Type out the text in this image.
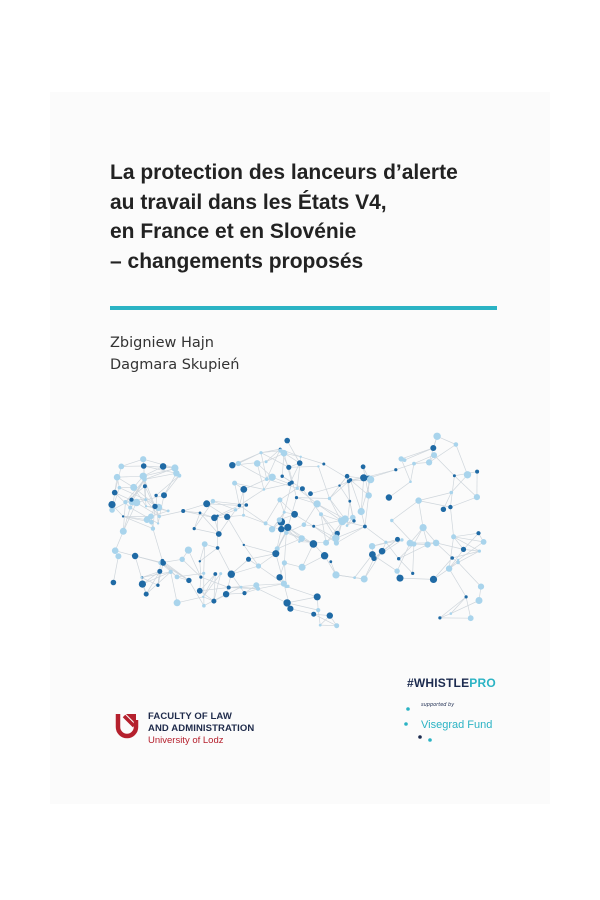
La protection des lanceurs d’alerte
au travail dans les États V4,
en France et en Slovénie
– changements proposés
Zbigniew Hajn
Dagmara Skupień
FACULTY OF LAW
AND ADMINISTRATION
University of Lodz
#WHISTLEPRO
supported by
Visegrad Fund
